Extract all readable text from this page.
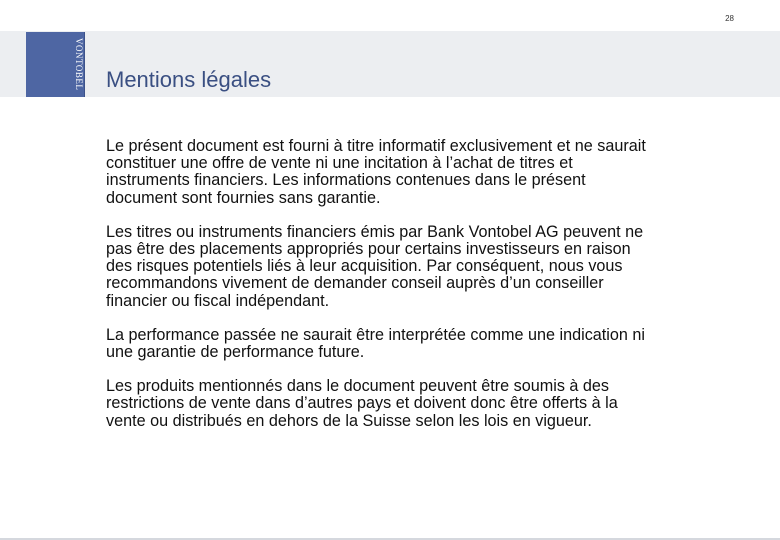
28
VONTOBEL Mentions légales

Le présent document est fourni à titre informatif exclusivement et ne saurait constituer une offre de vente ni une incitation à l’achat de titres et instruments financiers. Les informations contenues dans le présent document sont fournies sans garantie.

Les titres ou instruments financiers émis par Bank Vontobel AG peuvent ne pas être des placements appropriés pour certains investisseurs en raison des risques potentiels liés à leur acquisition. Par conséquent, nous vous recommandons vivement de demander conseil auprès d’un conseiller financier ou fiscal indépendant.

La performance passée ne saurait être interprétée comme une indication ni une garantie de performance future.

Les produits mentionnés dans le document peuvent être soumis à des restrictions de vente dans d’autres pays et doivent donc être offerts à la vente ou distribués en dehors de la Suisse selon les lois en vigueur.
